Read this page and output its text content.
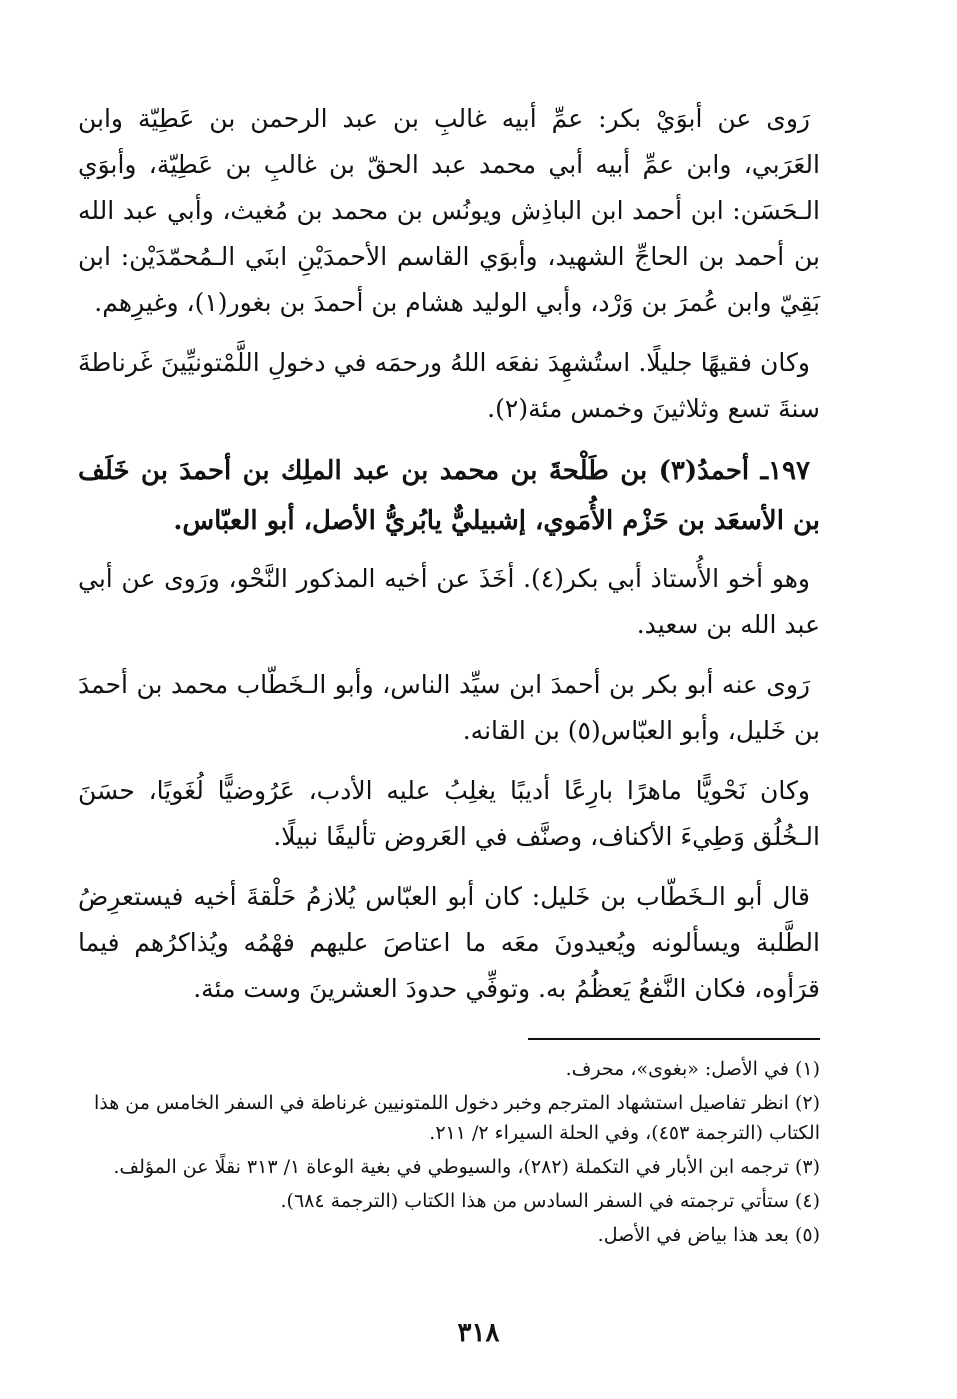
رَوى عن أبوَيْ بكر: عمِّ أبيه غالبِ بن عبد الرحمن بن عَطِيّة وابن العَرَبي، وابن عمِّ أبيه أبي محمد عبد الحقّ بن غالبِ بن عَطِيّة، وأبوَي الـحَسَن: ابن أحمد ابن الباذِش ويونُس بن محمد بن مُغيث، وأبي عبد الله بن أحمد بن الحاجِّ الشهيد، وأبوَي القاسم الأحمدَيْنِ ابنَي الـمُحمّدَيْن: ابن بَقِيّ وابن عُمرَ بن وَرْد، وأبي الوليد هشام بن أحمدَ بن بغور(١)، وغيرِهم.

وكان فقيهًا جليلًا. استُشهِدَ نفعَه اللهُ ورحمَه في دخولِ اللَّمْتونيِّينَ غَرناطةَ سنةَ تسع وثلاثينَ وخمس مئة(٢).

١٩٧ـ أحمدُ(٣) بن طَلْحةَ بن محمد بن عبد الملِك بن أحمدَ بن خَلَف بن الأسعَد بن حَزْم الأُمَوي، إشبيليٌّ يابُريُّ الأصل، أبو العبّاس.

وهو أخو الأُستاذ أبي بكر(٤). أخَذَ عن أخيه المذكور النَّحْو، ورَوى عن أبي عبد الله بن سعيد.

رَوى عنه أبو بكر بن أحمدَ ابن سيِّد الناس، وأبو الـخَطّاب محمد بن أحمدَ بن خَليل، وأبو العبّاس(٥) بن القانه.

وكان نَحْويًّا ماهرًا بارِعًا أديبًا يغلِبُ عليه الأدب، عَرُوضيًّا لُغَويًا، حسَنَ الـخُلُق وَطِيءَ الأكناف، وصنَّف في العَروض تأليفًا نبيلًا.

قال أبو الـخَطّاب بن خَليل: كان أبو العبّاس يُلازمُ حَلْقةَ أخيه فيستعرِضُ الطَّلبة ويسألونه ويُعيدونَ معَه ما اعتاصَ عليهم فهْمُه ويُذاكرُهم فيما قرَأوه، فكان النَّفعُ يَعظُمُ به. وتوفِّي حدودَ العشرينَ وست مئة.

(١) في الأصل: «بغوى»، محرف.

(٢) انظر تفاصيل استشهاد المترجم وخبر دخول اللمتونيين غرناطة في السفر الخامس من هذا الكتاب (الترجمة ٤٥٣)، وفي الحلة السيراء ٢/ ٢١١.

(٣) ترجمه ابن الأبار في التكملة (٢٨٢)، والسيوطي في بغية الوعاة ١/ ٣١٣ نقلًا عن المؤلف.

(٤) ستأتي ترجمته في السفر السادس من هذا الكتاب (الترجمة ٦٨٤).

(٥) بعد هذا بياض في الأصل.

٣١٨
